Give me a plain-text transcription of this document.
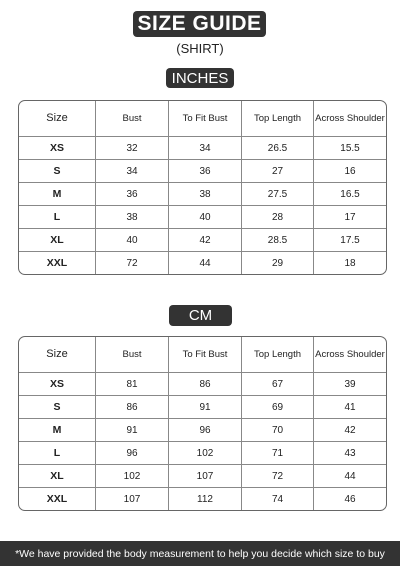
SIZE GUIDE
(SHIRT)
INCHES
Size	Bust	To Fit Bust	Top Length	Across Shoulder
XS	32	34	26.5	15.5
S	34	36	27	16
M	36	38	27.5	16.5
L	38	40	28	17
XL	40	42	28.5	17.5
XXL	72	44	29	18
CM
Size	Bust	To Fit Bust	Top Length	Across Shoulder
XS	81	86	67	39
S	86	91	69	41
M	91	96	70	42
L	96	102	71	43
XL	102	107	72	44
XXL	107	112	74	46
*We have provided the body measurement to help you decide which size to buy
